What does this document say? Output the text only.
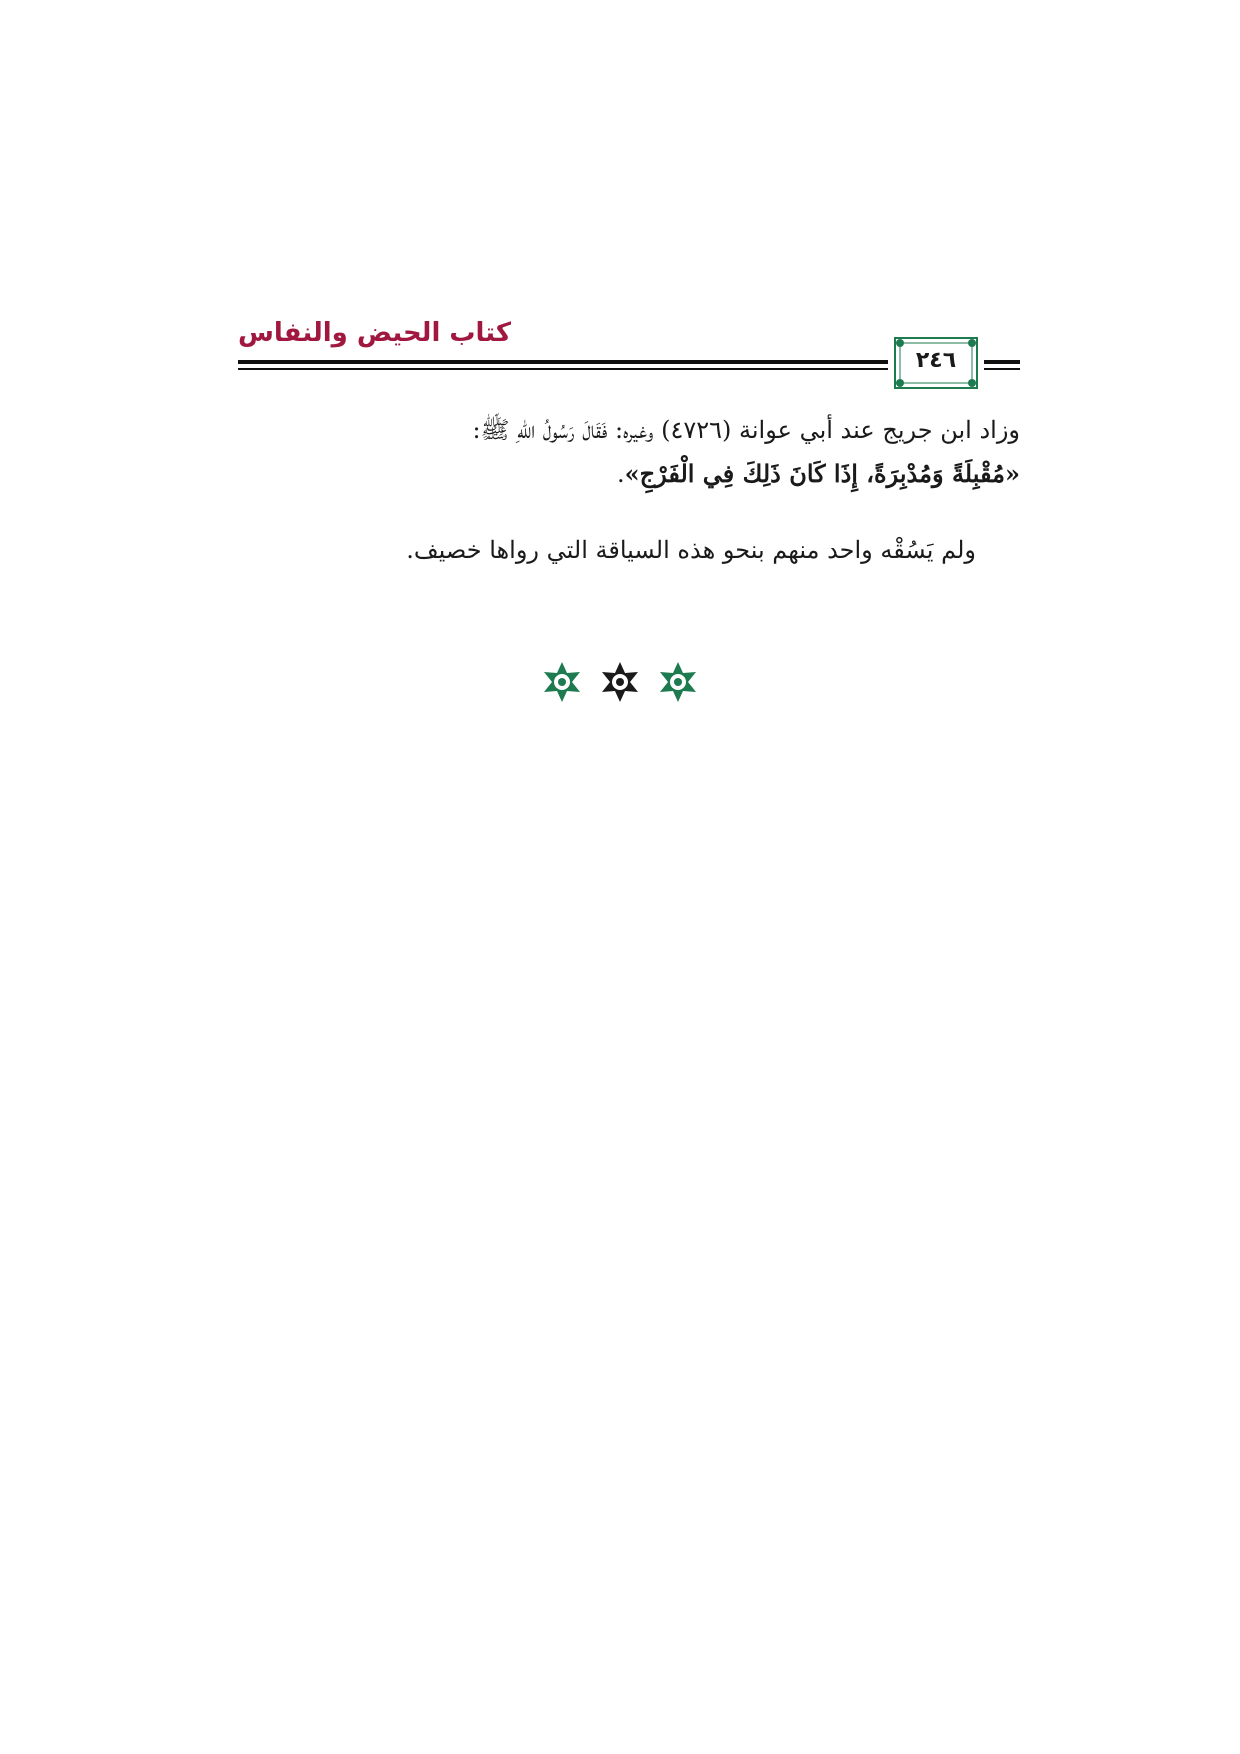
كتاب الحيض والنفاس
٢٤٦
وزاد ابن جريج عند أبي عوانة (٤٧٢٦) وغيره: فَقَالَ رَسُولُ اللهِ ﷺ:
«مُقْبِلَةً وَمُدْبِرَةً، إِذَا كَانَ ذَلِكَ فِي الْفَرْجِ».
ولم يَسُقْه واحد منهم بنحو هذه السياقة التي رواها خصيف.
